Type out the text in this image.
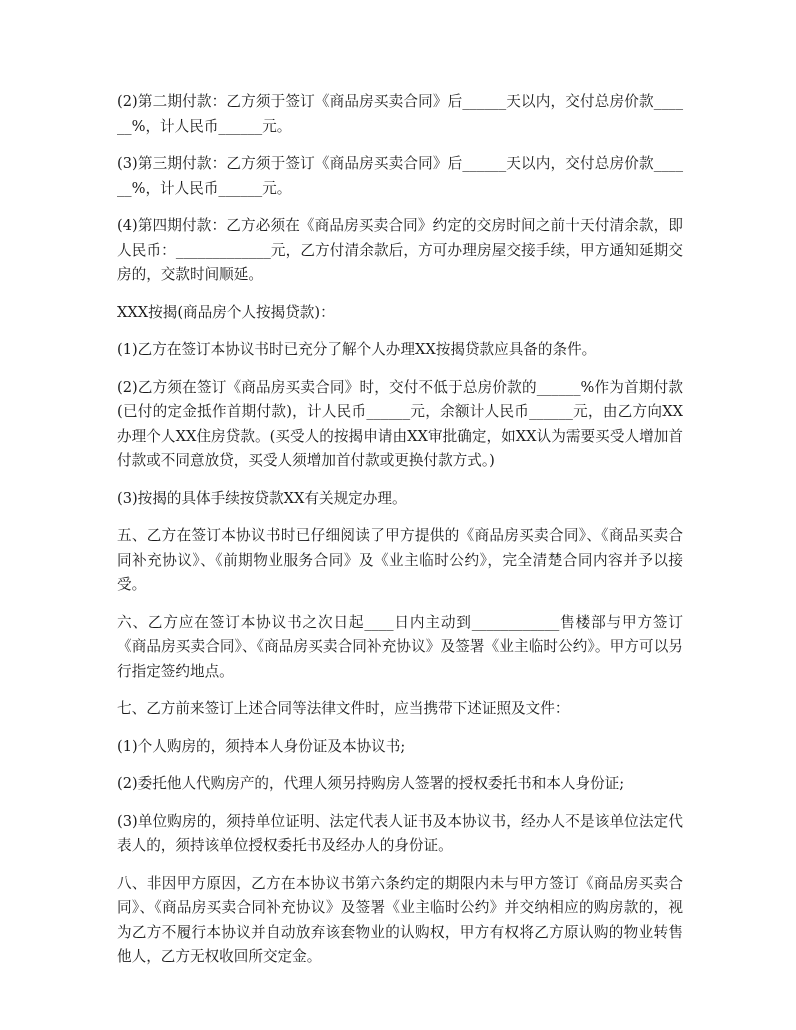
(2)第二期付款：乙方须于签订《商品房买卖合同》后______天以内，交付总房价款______%，计人民币______元。

(3)第三期付款：乙方须于签订《商品房买卖合同》后______天以内，交付总房价款______%，计人民币______元。

(4)第四期付款：乙方必须在《商品房买卖合同》约定的交房时间之前十天付清余款，即人民币：_____________元，乙方付清余款后，方可办理房屋交接手续，甲方通知延期交房的，交款时间顺延。

XXX按揭(商品房个人按揭贷款)：

(1)乙方在签订本协议书时已充分了解个人办理XX按揭贷款应具备的条件。

(2)乙方须在签订《商品房买卖合同》时，交付不低于总房价款的______%作为首期付款(已付的定金抵作首期付款)，计人民币______元，余额计人民币______元，由乙方向XX办理个人XX住房贷款。(买受人的按揭申请由XX审批确定，如XX认为需要买受人增加首付款或不同意放贷，买受人须增加首付款或更换付款方式。)

(3)按揭的具体手续按贷款XX有关规定办理。

五、乙方在签订本协议书时已仔细阅读了甲方提供的《商品房买卖合同》、《商品买卖合同补充协议》、《前期物业服务合同》及《业主临时公约》，完全清楚合同内容并予以接受。

六、乙方应在签订本协议书之次日起____日内主动到____________售楼部与甲方签订《商品房买卖合同》、《商品房买卖合同补充协议》及签署《业主临时公约》。甲方可以另行指定签约地点。

七、乙方前来签订上述合同等法律文件时，应当携带下述证照及文件：

(1)个人购房的，须持本人身份证及本协议书;

(2)委托他人代购房产的，代理人须另持购房人签署的授权委托书和本人身份证;

(3)单位购房的，须持单位证明、法定代表人证书及本协议书，经办人不是该单位法定代表人的，须持该单位授权委托书及经办人的身份证。

八、非因甲方原因，乙方在本协议书第六条约定的期限内未与甲方签订《商品房买卖合同》、《商品房买卖合同补充协议》及签署《业主临时公约》并交纳相应的购房款的，视为乙方不履行本协议并自动放弃该套物业的认购权，甲方有权将乙方原认购的物业转售他人，乙方无权收回所交定金。
